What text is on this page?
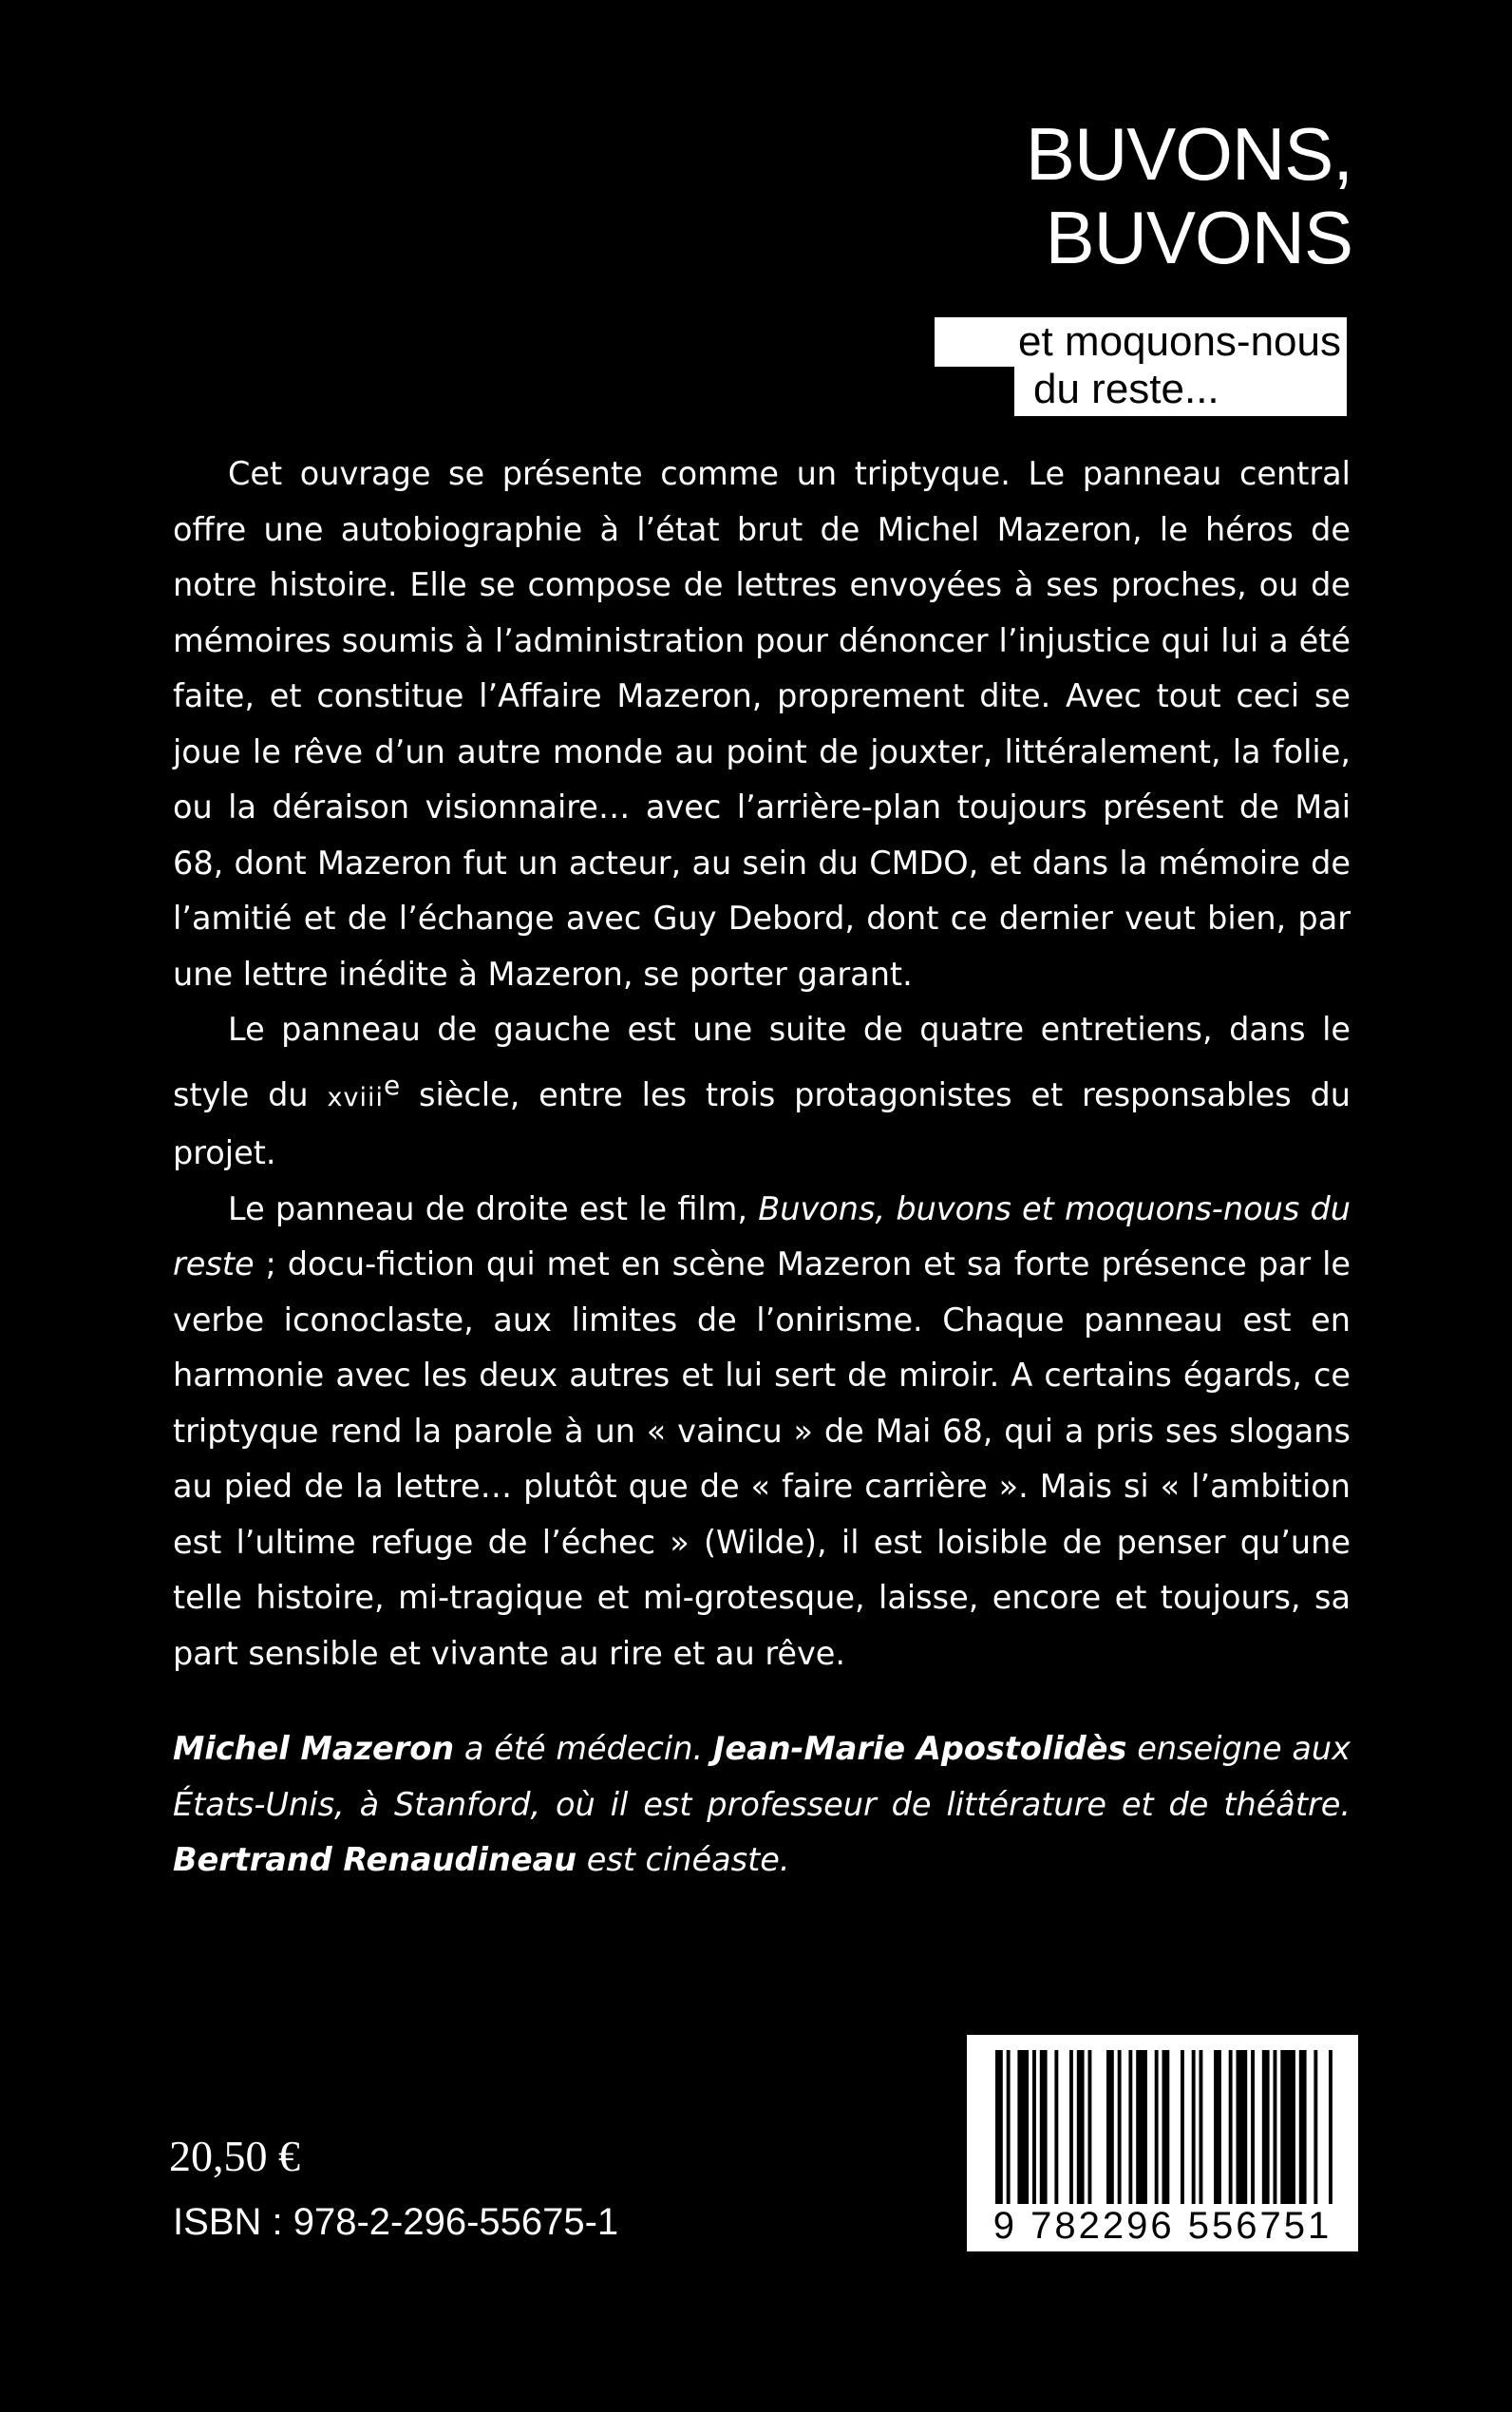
BUVONS,
BUVONS
et moquons-nous
du reste...

Cet ouvrage se présente comme un triptyque. Le panneau central offre une autobiographie à l’état brut de Michel Mazeron, le héros de notre histoire. Elle se compose de lettres envoyées à ses proches, ou de mémoires soumis à l’administration pour dénoncer l’injustice qui lui a été faite, et constitue l’Affaire Mazeron, proprement dite. Avec tout ceci se joue le rêve d’un autre monde au point de jouxter, littéralement, la folie, ou la déraison visionnaire… avec l’arrière-plan toujours présent de Mai 68, dont Mazeron fut un acteur, au sein du CMDO, et dans la mémoire de l’amitié et de l’échange avec Guy Debord, dont ce dernier veut bien, par une lettre inédite à Mazeron, se porter garant.

Le panneau de gauche est une suite de quatre entretiens, dans le style du xviii$^e$ siècle, entre les trois protagonistes et responsables du projet.

Le panneau de droite est le film, Buvons, buvons et moquons-nous du reste ; docu-fiction qui met en scène Mazeron et sa forte présence par le verbe iconoclaste, aux limites de l’onirisme. Chaque panneau est en harmonie avec les deux autres et lui sert de miroir. A certains égards, ce triptyque rend la parole à un « vaincu » de Mai 68, qui a pris ses slogans au pied de la lettre… plutôt que de « faire carrière ». Mais si « l’ambition est l’ultime refuge de l’échec » (Wilde), il est loisible de penser qu’une telle histoire, mi-tragique et mi-grotesque, laisse, encore et toujours, sa part sensible et vivante au rire et au rêve.

Michel Mazeron a été médecin. Jean-Marie Apostolidès enseigne aux États-Unis, à Stanford, où il est professeur de littérature et de théâtre. Bertrand Renaudineau est cinéaste.
20,50 €
ISBN : 978-2-296-55675-1	9 782296 556751
